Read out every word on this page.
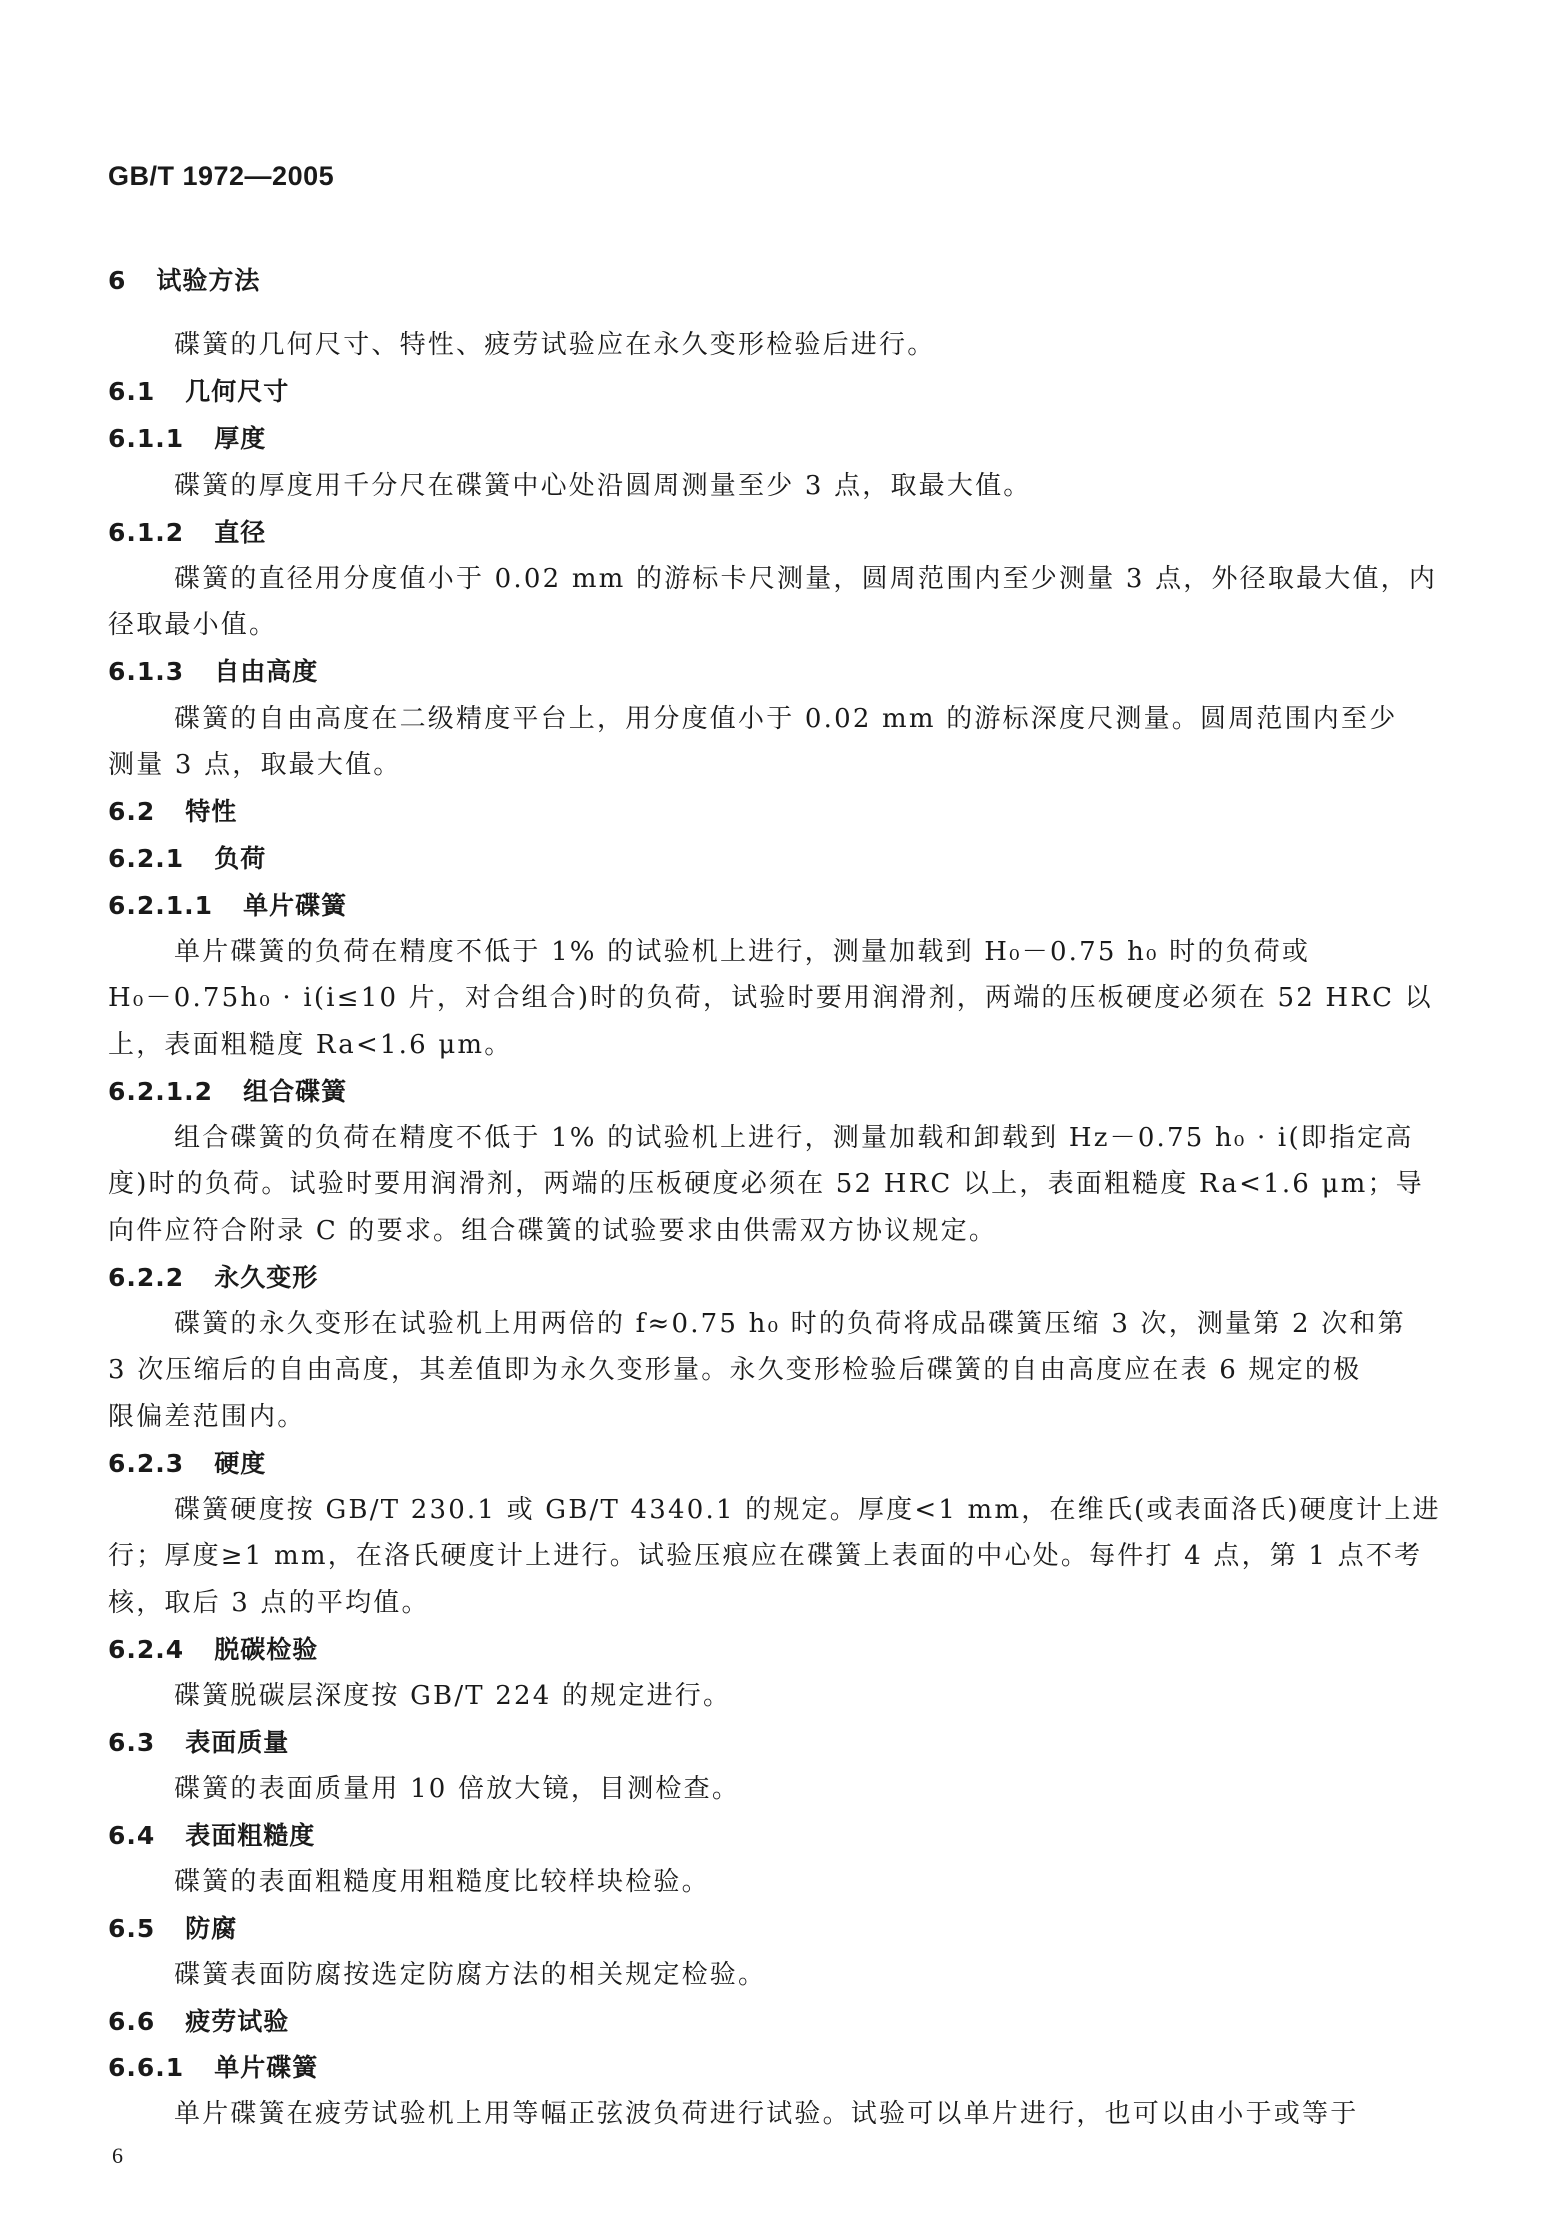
GB/T 1972—2005
6 试验方法
碟簧的几何尺寸、特性、疲劳试验应在永久变形检验后进行。
6.1 几何尺寸
6.1.1 厚度
碟簧的厚度用千分尺在碟簧中心处沿圆周测量至少 3 点，取最大值。
6.1.2 直径
碟簧的直径用分度值小于 0.02 mm 的游标卡尺测量，圆周范围内至少测量 3 点，外径取最大值，内
径取最小值。
6.1.3 自由高度
碟簧的自由高度在二级精度平台上，用分度值小于 0.02 mm 的游标深度尺测量。圆周范围内至少
测量 3 点，取最大值。
6.2 特性
6.2.1 负荷
6.2.1.1 单片碟簧
单片碟簧的负荷在精度不低于 1% 的试验机上进行，测量加载到 H₀－0.75 h₀ 时的负荷或
H₀－0.75h₀ · i(i≤10 片，对合组合)时的负荷，试验时要用润滑剂，两端的压板硬度必须在 52 HRC 以
上，表面粗糙度 Ra<1.6 μm。
6.2.1.2 组合碟簧
组合碟簧的负荷在精度不低于 1% 的试验机上进行，测量加载和卸载到 Hz－0.75 h₀ · i(即指定高
度)时的负荷。试验时要用润滑剂，两端的压板硬度必须在 52 HRC 以上，表面粗糙度 Ra<1.6 μm；导
向件应符合附录 C 的要求。组合碟簧的试验要求由供需双方协议规定。
6.2.2 永久变形
碟簧的永久变形在试验机上用两倍的 f≈0.75 h₀ 时的负荷将成品碟簧压缩 3 次，测量第 2 次和第
3 次压缩后的自由高度，其差值即为永久变形量。永久变形检验后碟簧的自由高度应在表 6 规定的极
限偏差范围内。
6.2.3 硬度
碟簧硬度按 GB/T 230.1 或 GB/T 4340.1 的规定。厚度<1 mm，在维氏(或表面洛氏)硬度计上进
行；厚度≥1 mm，在洛氏硬度计上进行。试验压痕应在碟簧上表面的中心处。每件打 4 点，第 1 点不考
核，取后 3 点的平均值。
6.2.4 脱碳检验
碟簧脱碳层深度按 GB/T 224 的规定进行。
6.3 表面质量
碟簧的表面质量用 10 倍放大镜，目测检查。
6.4 表面粗糙度
碟簧的表面粗糙度用粗糙度比较样块检验。
6.5 防腐
碟簧表面防腐按选定防腐方法的相关规定检验。
6.6 疲劳试验
6.6.1 单片碟簧
单片碟簧在疲劳试验机上用等幅正弦波负荷进行试验。试验可以单片进行，也可以由小于或等于
6
